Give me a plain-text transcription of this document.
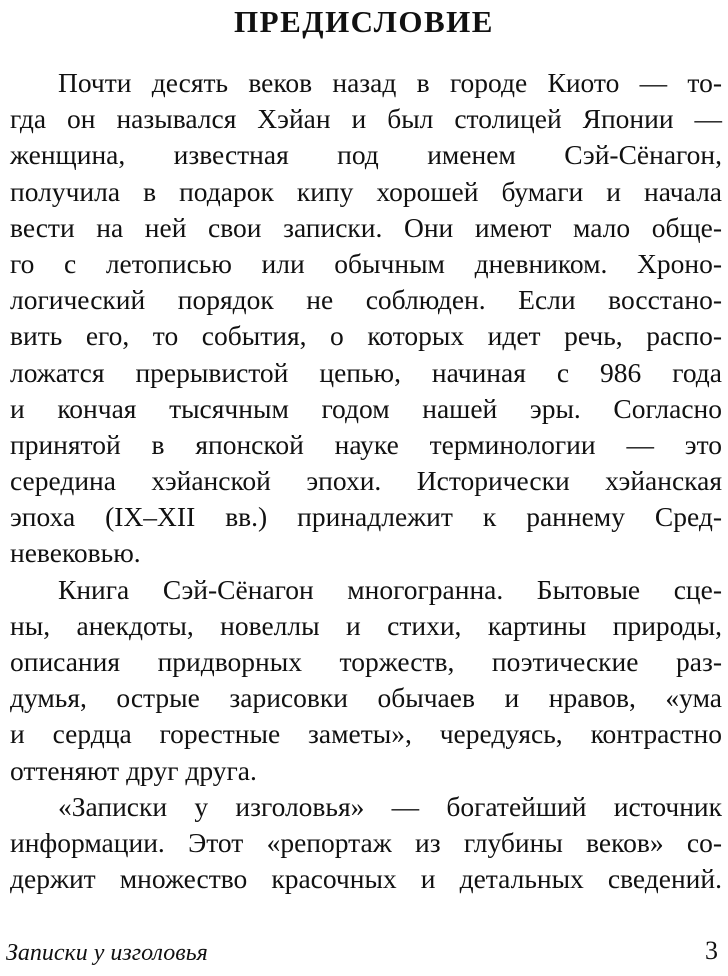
ПРЕДИСЛОВИЕ
Почти десять веков назад в городе Киото — то-
гда он назывался Хэйан и был столицей Японии —
женщина, известная под именем Сэй-Сёнагон,
получила в подарок кипу хорошей бумаги и начала
вести на ней свои записки. Они имеют мало обще-
го с летописью или обычным дневником. Хроно-
логический порядок не соблюден. Если восстано-
вить его, то события, о которых идет речь, распо-
ложатся прерывистой цепью, начиная с 986 года
и кончая тысячным годом нашей эры. Согласно
принятой в японской науке терминологии — это
середина хэйанской эпохи. Исторически хэйанская
эпоха (IX–XII вв.) принадлежит к раннему Сред-
невековью.
Книга Сэй-Сёнагон многогранна. Бытовые сце-
ны, анекдоты, новеллы и стихи, картины природы,
описания придворных торжеств, поэтические раз-
думья, острые зарисовки обычаев и нравов, «ума
и сердца горестные заметы», чередуясь, контрастно
оттеняют друг друга.
«Записки у изголовья» — богатейший источник
информации. Этот «репортаж из глубины веков» со-
держит множество красочных и детальных сведений.

Записки у изголовья	3
